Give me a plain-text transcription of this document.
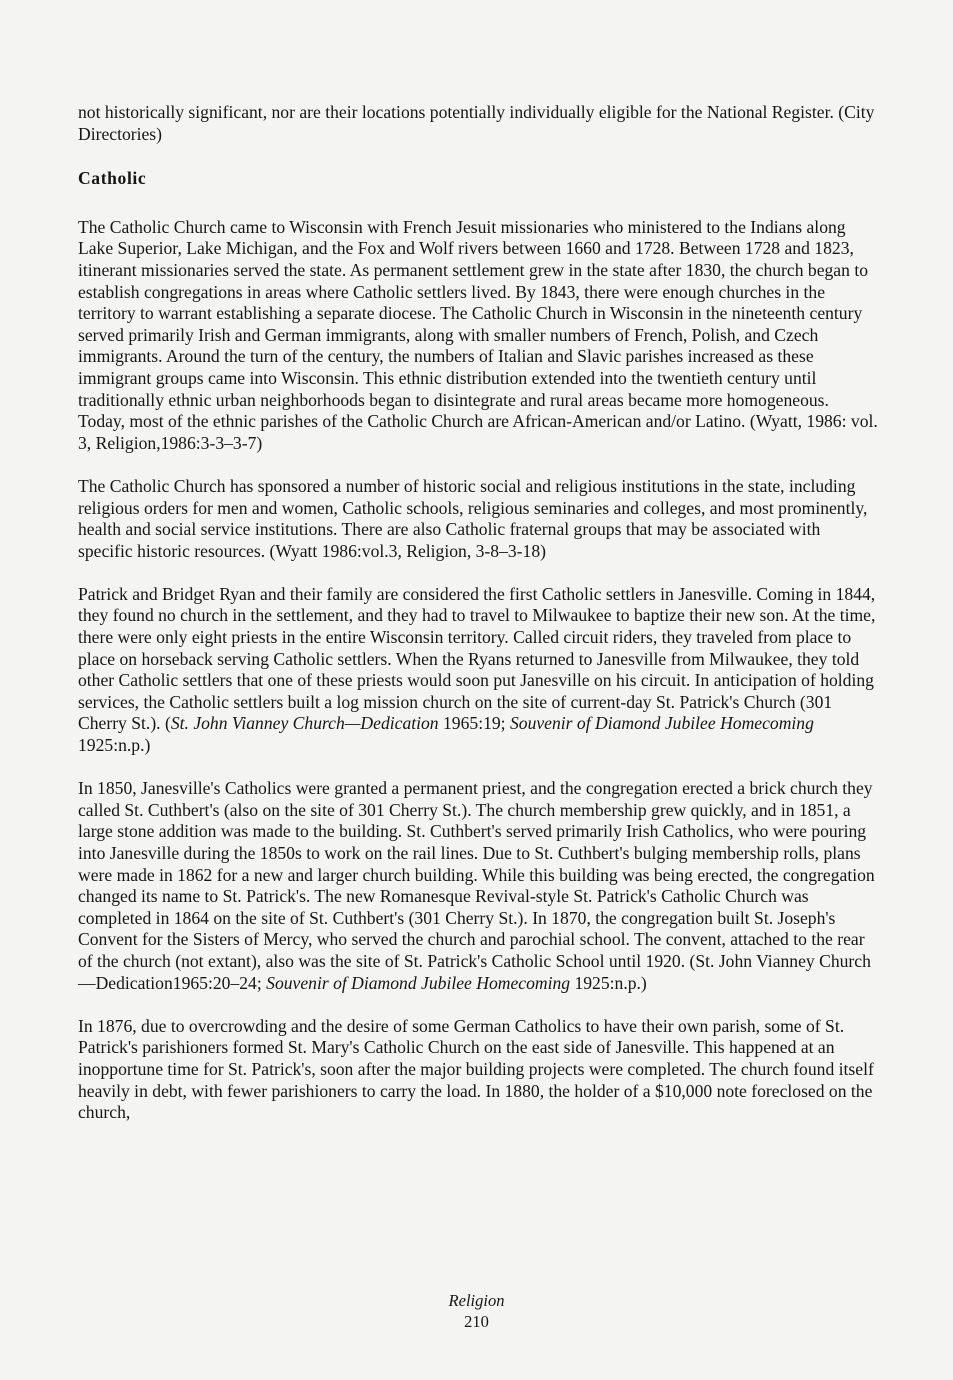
not historically significant, nor are their locations potentially individually eligible for the National Register. (City Directories)

Catholic

The Catholic Church came to Wisconsin with French Jesuit missionaries who ministered to the Indians along Lake Superior, Lake Michigan, and the Fox and Wolf rivers between 1660 and 1728. Between 1728 and 1823, itinerant missionaries served the state. As permanent settlement grew in the state after 1830, the church began to establish congregations in areas where Catholic settlers lived. By 1843, there were enough churches in the territory to warrant establishing a separate diocese. The Catholic Church in Wisconsin in the nineteenth century served primarily Irish and German immigrants, along with smaller numbers of French, Polish, and Czech immigrants. Around the turn of the century, the numbers of Italian and Slavic parishes increased as these immigrant groups came into Wisconsin. This ethnic distribution extended into the twentieth century until traditionally ethnic urban neighborhoods began to disintegrate and rural areas became more homogeneous. Today, most of the ethnic parishes of the Catholic Church are African-American and/or Latino. (Wyatt, 1986: vol. 3, Religion,1986:3-3–3-7)

The Catholic Church has sponsored a number of historic social and religious institutions in the state, including religious orders for men and women, Catholic schools, religious seminaries and colleges, and most prominently, health and social service institutions. There are also Catholic fraternal groups that may be associated with specific historic resources. (Wyatt 1986:vol.3, Religion, 3-8–3-18)

Patrick and Bridget Ryan and their family are considered the first Catholic settlers in Janesville. Coming in 1844, they found no church in the settlement, and they had to travel to Milwaukee to baptize their new son. At the time, there were only eight priests in the entire Wisconsin territory. Called circuit riders, they traveled from place to place on horseback serving Catholic settlers. When the Ryans returned to Janesville from Milwaukee, they told other Catholic settlers that one of these priests would soon put Janesville on his circuit. In anticipation of holding services, the Catholic settlers built a log mission church on the site of current-day St. Patrick's Church (301 Cherry St.). (St. John Vianney Church—Dedication 1965:19; Souvenir of Diamond Jubilee Homecoming 1925:n.p.)

In 1850, Janesville's Catholics were granted a permanent priest, and the congregation erected a brick church they called St. Cuthbert's (also on the site of 301 Cherry St.). The church membership grew quickly, and in 1851, a large stone addition was made to the building. St. Cuthbert's served primarily Irish Catholics, who were pouring into Janesville during the 1850s to work on the rail lines. Due to St. Cuthbert's bulging membership rolls, plans were made in 1862 for a new and larger church building. While this building was being erected, the congregation changed its name to St. Patrick's. The new Romanesque Revival-style St. Patrick's Catholic Church was completed in 1864 on the site of St. Cuthbert's (301 Cherry St.). In 1870, the congregation built St. Joseph's Convent for the Sisters of Mercy, who served the church and parochial school. The convent, attached to the rear of the church (not extant), also was the site of St. Patrick's Catholic School until 1920. (St. John Vianney Church—Dedication1965:20–24; Souvenir of Diamond Jubilee Homecoming 1925:n.p.)

In 1876, due to overcrowding and the desire of some German Catholics to have their own parish, some of St. Patrick's parishioners formed St. Mary's Catholic Church on the east side of Janesville. This happened at an inopportune time for St. Patrick's, soon after the major building projects were completed. The church found itself heavily in debt, with fewer parishioners to carry the load. In 1880, the holder of a $10,000 note foreclosed on the church,

Religion
210
